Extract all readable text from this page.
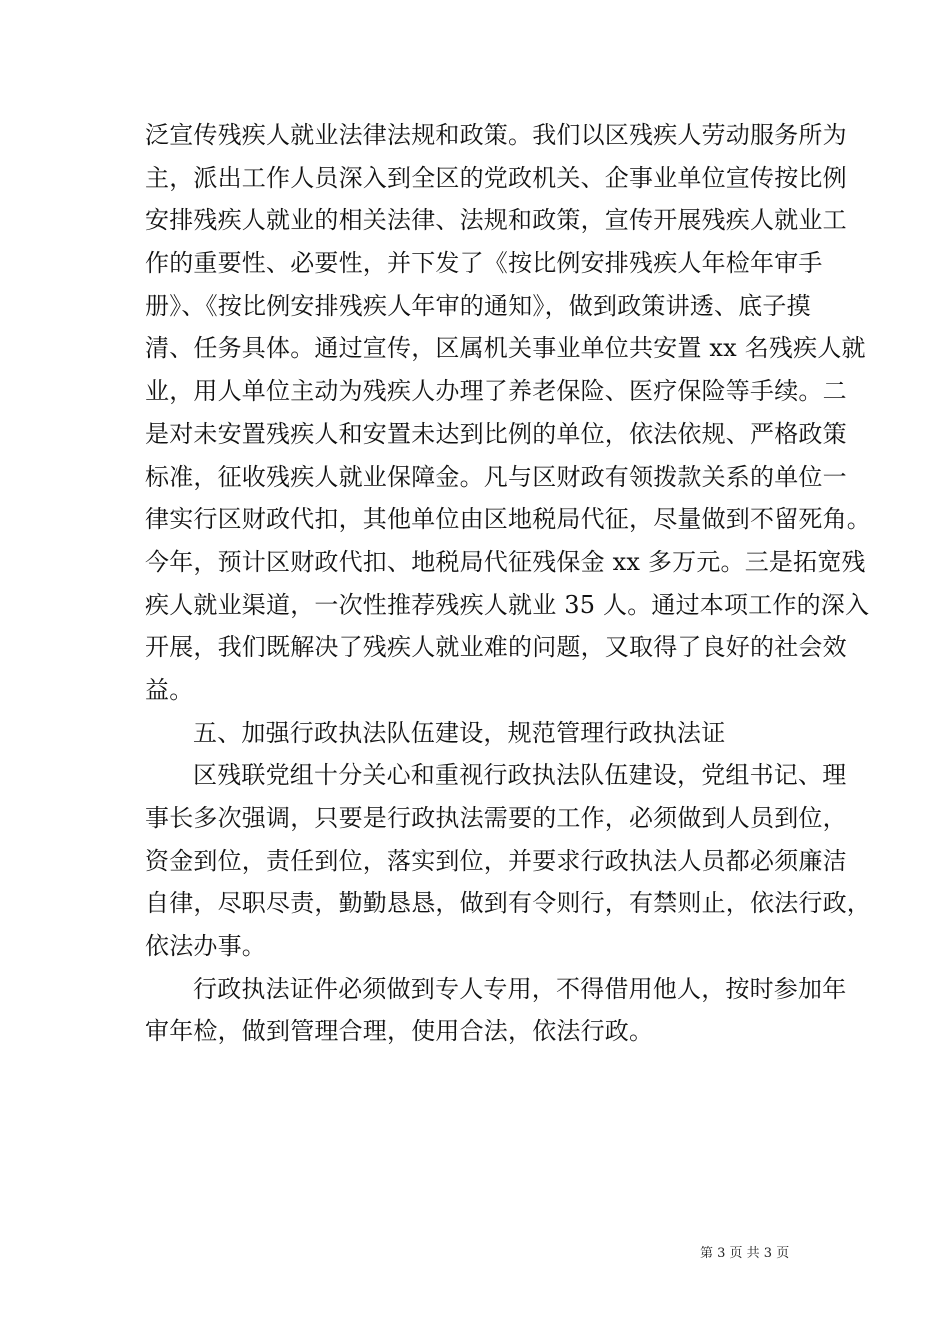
泛宣传残疾人就业法律法规和政策。我们以区残疾人劳动服务所为
主，派出工作人员深入到全区的党政机关、企事业单位宣传按比例
安排残疾人就业的相关法律、法规和政策，宣传开展残疾人就业工
作的重要性、必要性，并下发了《按比例安排残疾人年检年审手
册》、《按比例安排残疾人年审的通知》，做到政策讲透、底子摸
清、任务具体。通过宣传，区属机关事业单位共安置 xx 名残疾人就
业，用人单位主动为残疾人办理了养老保险、医疗保险等手续。二
是对未安置残疾人和安置未达到比例的单位，依法依规、严格政策
标准，征收残疾人就业保障金。凡与区财政有领拨款关系的单位一
律实行区财政代扣，其他单位由区地税局代征，尽量做到不留死角。
今年，预计区财政代扣、地税局代征残保金 xx 多万元。三是拓宽残
疾人就业渠道，一次性推荐残疾人就业 35 人。通过本项工作的深入
开展，我们既解决了残疾人就业难的问题，又取得了良好的社会效
益。
五、加强行政执法队伍建设，规范管理行政执法证
区残联党组十分关心和重视行政执法队伍建设，党组书记、理
事长多次强调，只要是行政执法需要的工作，必须做到人员到位，
资金到位，责任到位，落实到位，并要求行政执法人员都必须廉洁
自律，尽职尽责，勤勤恳恳，做到有令则行，有禁则止，依法行政，
依法办事。
行政执法证件必须做到专人专用，不得借用他人，按时参加年
审年检，做到管理合理，使用合法，依法行政。
第 3 页 共 3 页
